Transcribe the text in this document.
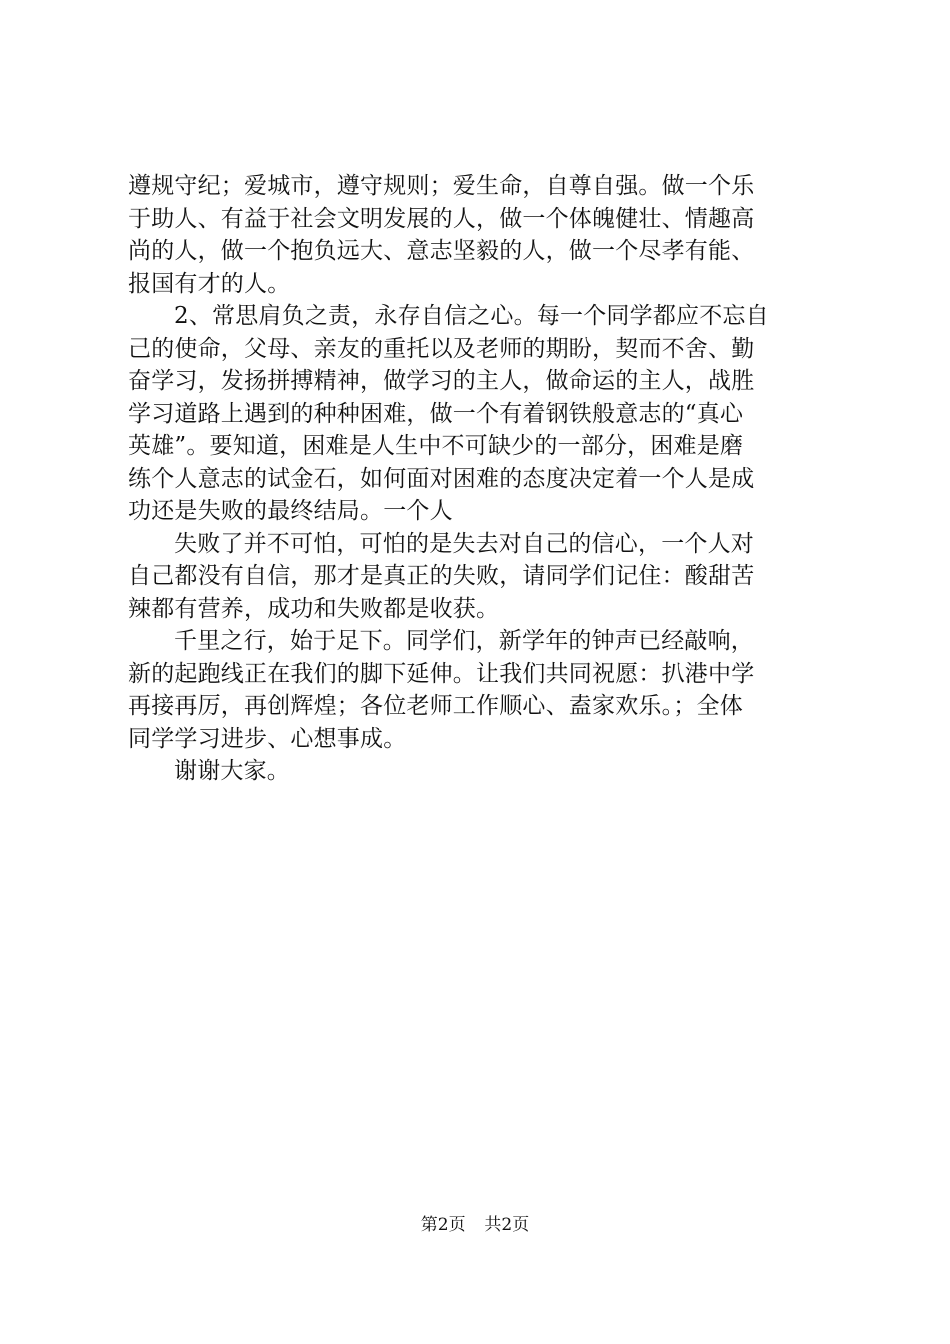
遵规守纪；爱城市，遵守规则；爱生命，自尊自强。做一个乐
于助人、有益于社会文明发展的人，做一个体魄健壮、情趣高
尚的人，做一个抱负远大、意志坚毅的人，做一个尽孝有能、
报国有才的人。
2、常思肩负之责，永存自信之心。每一个同学都应不忘自
己的使命，父母、亲友的重托以及老师的期盼，契而不舍、勤
奋学习，发扬拼搏精神，做学习的主人，做命运的主人，战胜
学习道路上遇到的种种困难，做一个有着钢铁般意志的“真心
英雄”。要知道，困难是人生中不可缺少的一部分，困难是磨
练个人意志的试金石，如何面对困难的态度决定着一个人是成
功还是失败的最终结局。一个人
失败了并不可怕，可怕的是失去对自己的信心，一个人对
自己都没有自信，那才是真正的失败，请同学们记住：酸甜苦
辣都有营养，成功和失败都是收获。
千里之行，始于足下。同学们，新学年的钟声已经敲响，
新的起跑线正在我们的脚下延伸。让我们共同祝愿：扒港中学
再接再厉，再创辉煌；各位老师工作顺心、盍家欢乐。；全体
同学学习进步、心想事成。
谢谢大家。
第2页 共2页
